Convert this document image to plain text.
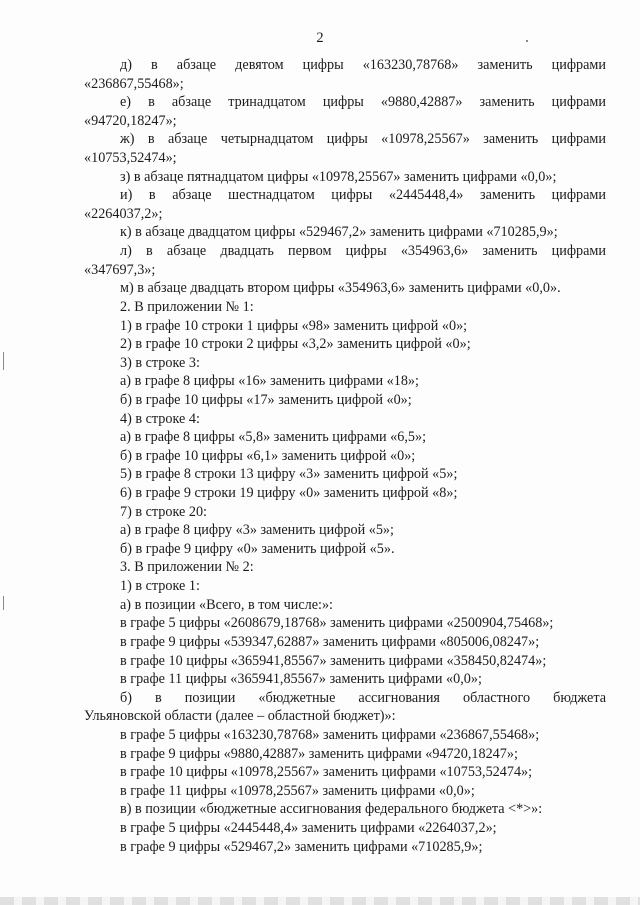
2
д) в абзаце девятом цифры «163230,78768» заменить цифрами
«236867,55468»;
е) в абзаце тринадцатом цифры «9880,42887» заменить цифрами
«94720,18247»;
ж) в абзаце четырнадцатом цифры «10978,25567» заменить цифрами
«10753,52474»;
з) в абзаце пятнадцатом цифры «10978,25567» заменить цифрами «0,0»;
и) в абзаце шестнадцатом цифры «2445448,4» заменить цифрами
«2264037,2»;
к) в абзаце двадцатом цифры «529467,2» заменить цифрами «710285,9»;
л) в абзаце двадцать первом цифры «354963,6» заменить цифрами
«347697,3»;
м) в абзаце двадцать втором цифры «354963,6» заменить цифрами «0,0».
2. В приложении № 1:
1) в графе 10 строки 1 цифры «98» заменить цифрой «0»;
2) в графе 10 строки 2 цифры «3,2» заменить цифрой «0»;
3) в строке 3:
а) в графе 8 цифры «16» заменить цифрами «18»;
б) в графе 10 цифры «17» заменить цифрой «0»;
4) в строке 4:
а) в графе 8 цифры «5,8» заменить цифрами «6,5»;
б) в графе 10 цифры «6,1» заменить цифрой «0»;
5) в графе 8 строки 13 цифру «3» заменить цифрой «5»;
6) в графе 9 строки 19 цифру «0» заменить цифрой «8»;
7) в строке 20:
а) в графе 8 цифру «3» заменить цифрой «5»;
б) в графе 9 цифру «0» заменить цифрой «5».
3. В приложении № 2:
1) в строке 1:
а) в позиции «Всего, в том числе:»:
в графе 5 цифры «2608679,18768» заменить цифрами «2500904,75468»;
в графе 9 цифры «539347,62887» заменить цифрами «805006,08247»;
в графе 10 цифры «365941,85567» заменить цифрами «358450,82474»;
в графе 11 цифры «365941,85567» заменить цифрами «0,0»;
б) в позиции «бюджетные ассигнования областного бюджета
Ульяновской области (далее – областной бюджет)»:
в графе 5 цифры «163230,78768» заменить цифрами «236867,55468»;
в графе 9 цифры «9880,42887» заменить цифрами «94720,18247»;
в графе 10 цифры «10978,25567» заменить цифрами «10753,52474»;
в графе 11 цифры «10978,25567» заменить цифрами «0,0»;
в) в позиции «бюджетные ассигнования федерального бюджета <*>»:
в графе 5 цифры «2445448,4» заменить цифрами «2264037,2»;
в графе 9 цифры «529467,2» заменить цифрами «710285,9»;
